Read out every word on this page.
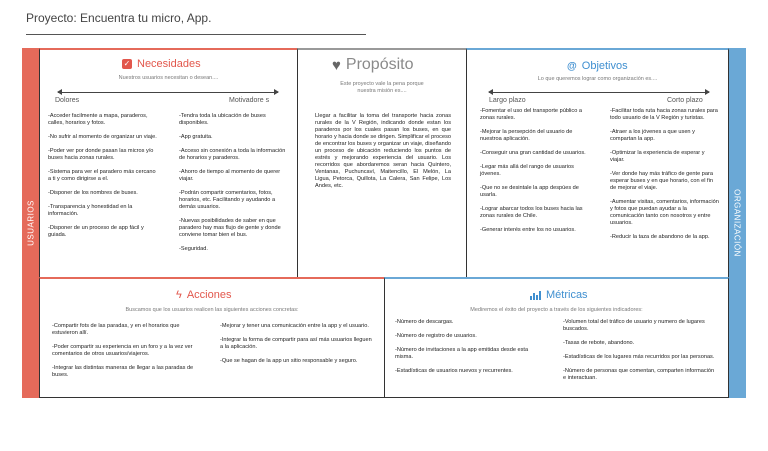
Proyecto: Encuentra tu micro, App.
USUARIOS	ORGANIZACIÓN
✓ Necesidades
Nuestros usuarios necesitan o desean....
Dolores	Motivadore s

-Acceder facilmente a mapa, paraderos, calles, horarios y fotos.

-No sufrir al momento de organizar un viaje.

-Poder ver por donde pasan las micros y/o buses hacia zonas rurales.

-Sistema para ver el paradero más cercano a ti y como dirigirse a el.

-Disponer de los nombres de buses.

-Transparencia y honestidad en la información.

-Disponer de un proceso de app fácil y guiada.

-Tendra toda la ubicación de buses disponibles.

-App gratuita.

-Acceso sin conexión a toda la información de horarios y paraderos.

-Ahorro de tiempo al momento de querer viajar.

-Podrán compartir comentarios, fotos, horarios, etc. Facilitando y ayudando a demás usuarios.

-Nuevas posibilidades de saber en que paradero hay mas flujo de gente y donde conviene tomar bien el bus.

-Seguridad.

♥ Propósito
Este proyecto vale la pena porque
nuestra misión es....
Llegar a facilitar la toma del transporte hacia zonas rurales de la V Región, indicando donde estan los paraderos por los cuales pasan los buses, en que horario y hacia donde se dirigen. Simplificar el proceso de encontrar los buses y organizar un viaje, diseñando un proceso de ubicación reduciendo los puntos de estrés y mejorando experiencia del usuario. Los recorridos que abordaremos seran hacia Quintero, Ventanas, Puchuncaví, Maitencillo, El Melón, La Ligua, Petorca, Quillota, La Calera, San Felipe, Los Andes, etc.
@ Objetivos
Lo que queremos lograr como organización es....
Largo plazo	Corto plazo

-Fomentar el uso del transporte público a zonas rurales.

-Mejorar la persepción del usuario de nuestroa aplicación.

-Conseguir una gran cantidad de usuarios.

-Legar más allá del rango de usuarios jóvenes.

-Que no se desintale la app despúes de usarla.

-Lograr abarcar todos los buses hacia las zonas rurales de Chile.

-Generar interés entre los no usuarios.

-Facilitar toda ruta hacia zonas rurales para todo usuario de la V Región y turistas.

-Atraer a los jóvenes a que usen y compartan la app.

-Optimizar la experiencia de esperar y viajar.

-Ver donde hay más tráfico de gente para esperar buses y en que horario, con el fin de mejorar el viaje.

-Aumentar visitas, comentarios, información y fotos que puedan ayudar a la comunicación tanto con nosotros y entre usuarios.

-Reducir la taza de abandono de la app.

ϟ Acciones
Buscamos que los usuarios realicen las siguientes acciones concretas:

-Compartir fots de las paradas, y en el horarios que estuvieron allí.

-Poder compartir su experiencia en un foro y a la vez ver comentarios de otros usuarios/viajeros.

-Integrar las distintas maneras de llegar a las paradas de buses.

-Mejorar y tener una comunicación entre la app y el usuario.

-Integrar la forma de compartir para así más usuarios lleguen a la aplicación.

-Que se hagan de la app un sitio responsable y seguro.

Métricas
Mediremos el éxito del proyecto a través de los siguientes indicadores:

-Número de descargas.

-Número de registro de usuarios.

-Número de invitaciones a la app emitidas desde esta misma.

-Estadísticas de usuarios nuevos y recurrentes.

-Volumen total del tráfico de usuario y numero de lugares buscados.

-Tasas de rebote, abandono.

-Estadísticas de los lugares más recurridos por las personas.

-Número de personas que comentan, comparten información e interactuan.
